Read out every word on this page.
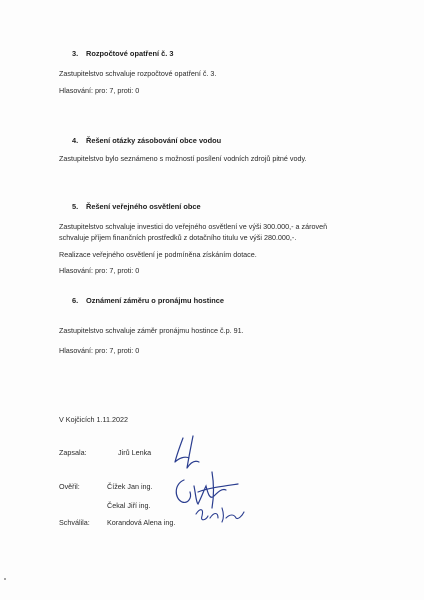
3. Rozpočtové opatření č. 3
Zastupitelstvo schvaluje rozpočtové opatření č. 3.
Hlasování: pro: 7, proti: 0
4. Řešení otázky zásobování obce vodou
Zastupitelstvo bylo seznámeno s možností posílení vodních zdrojů pitné vody.
5. Řešení veřejného osvětlení obce
Zastupitelstvo schvaluje investici do veřejného osvětlení ve výši 300.000,- a zároveň
schvaluje příjem finančních prostředků z dotačního titulu ve výši 280.000,-.
Realizace veřejného osvětlení je podmíněna získáním dotace.
Hlasování: pro: 7, proti: 0
6. Oznámení záměru o pronájmu hostince
Zastupitelstvo schvaluje záměr pronájmu hostince č.p. 91.
Hlasování: pro: 7, proti: 0
V Kojčicích 1.11.2022
Zapsala:	Jirů Lenka
Ověřil:	Čížek Jan ing.
Čekal Jiří ing.
Schválila: Korandová Alena ing.
